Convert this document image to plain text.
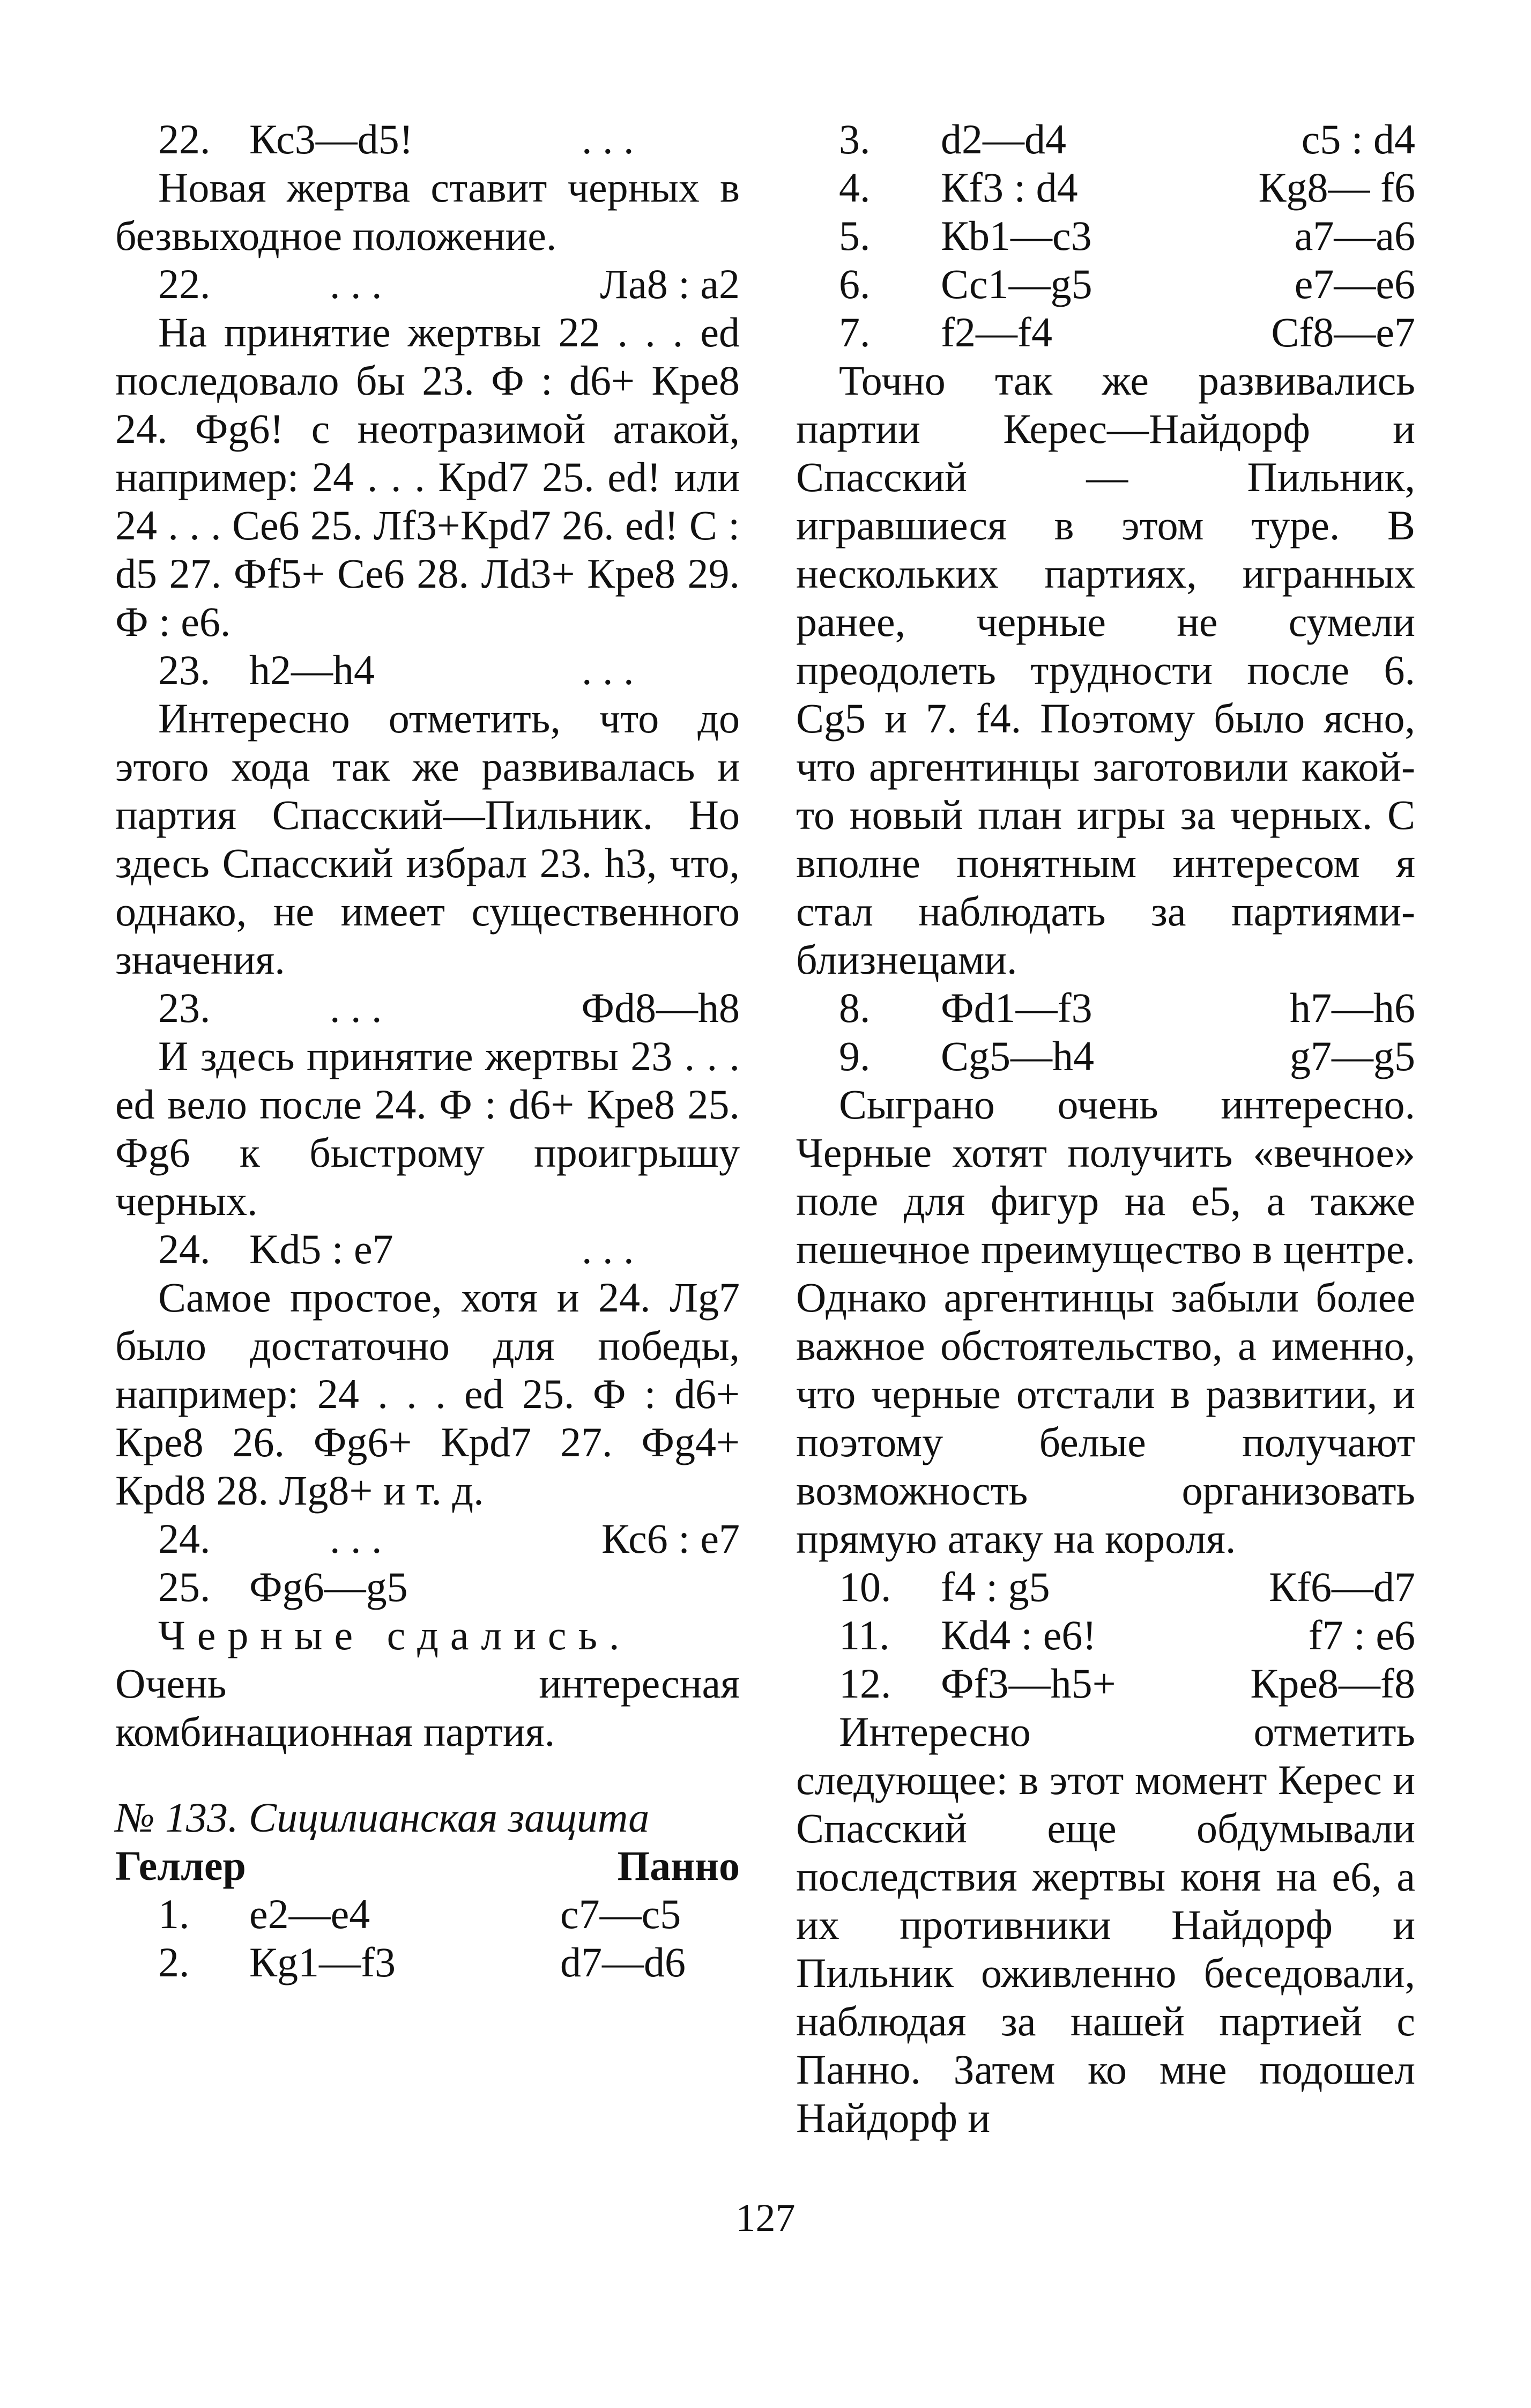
22. Кс3—d5!	. . .

Новая жертва ставит черных в безвыходное положение.

22.	. . .	Ла8 : а2

На принятие жертвы 22 . . . ed последовало бы 23. Ф : d6+ Крe8 24. Фg6! с неотразимой атакой, например: 24 . . . Крd7 25. ed! или 24 . . . Ce6 25. Лf3+Крd7 26. ed! C : d5 27. Фf5+ Ce6 28. Лd3+ Кре8 29. Ф : е6.

23. h2—h4	. . .

Интересно отметить, что до этого хода так же развивалась и партия Спасский—Пильник. Но здесь Спасский избрал 23. h3, что, однако, не имеет существенного значения.

23.	. . .	Фd8—h8

И здесь принятие жертвы 23 . . . ed вело после 24. Ф : d6+ Кре8 25. Фg6 к быстрому проигрышу черных.

24. Kd5 : e7	. . .

Самое простое, хотя и 24. Лg7 было достаточно для победы, например: 24 . . . ed 25. Ф : d6+ Кре8 26. Фg6+ Крd7 27. Фg4+ Крd8 28. Лg8+ и т. д.

24.	. . .	Кс6 : е7
25. Фg6—g5

Черные сдались.

Очень интересная комбинационная партия.

№ 133. Сицилианская защита
Геллер	Панно
1. е2—е4	с7—с5
2. Кg1—f3	d7—d6
3. d2—d4	с5 : d4
4. Кf3 : d4	Кg8— f6
5. Кb1—c3	а7—а6
6. Сс1—g5	е7—е6
7. f2—f4	Сf8—е7

Точно так же развивались партии Керес—Найдорф и Спасский — Пильник, игравшиеся в этом туре. В нескольких партиях, игранных ранее, черные не сумели преодолеть трудности после 6. Cg5 и 7. f4. Поэтому было ясно, что аргентинцы заготовили какой-то новый план игры за черных. С вполне понятным интересом я стал наблюдать за партиями-близнецами.

8. Фd1—f3	h7—h6
9. Cg5—h4	g7—g5

Сыграно очень интересно. Черные хотят получить «вечное» поле для фигур на е5, а также пешечное преимущество в центре. Однако аргентинцы забыли более важное обстоятельство, а именно, что черные отстали в развитии, и поэтому белые получают возможность организовать прямую атаку на короля.

10. f4 : g5	Кf6—d7
11. Кd4 : е6!	f7 : е6
12. Фf3—h5+	Кре8—f8

Интересно отметить следующее: в этот момент Керес и Спасский еще обдумывали последствия жертвы коня на е6, а их противники Найдорф и Пильник оживленно беседовали, наблюдая за нашей партией с Панно. Затем ко мне подошел Найдорф и

127
